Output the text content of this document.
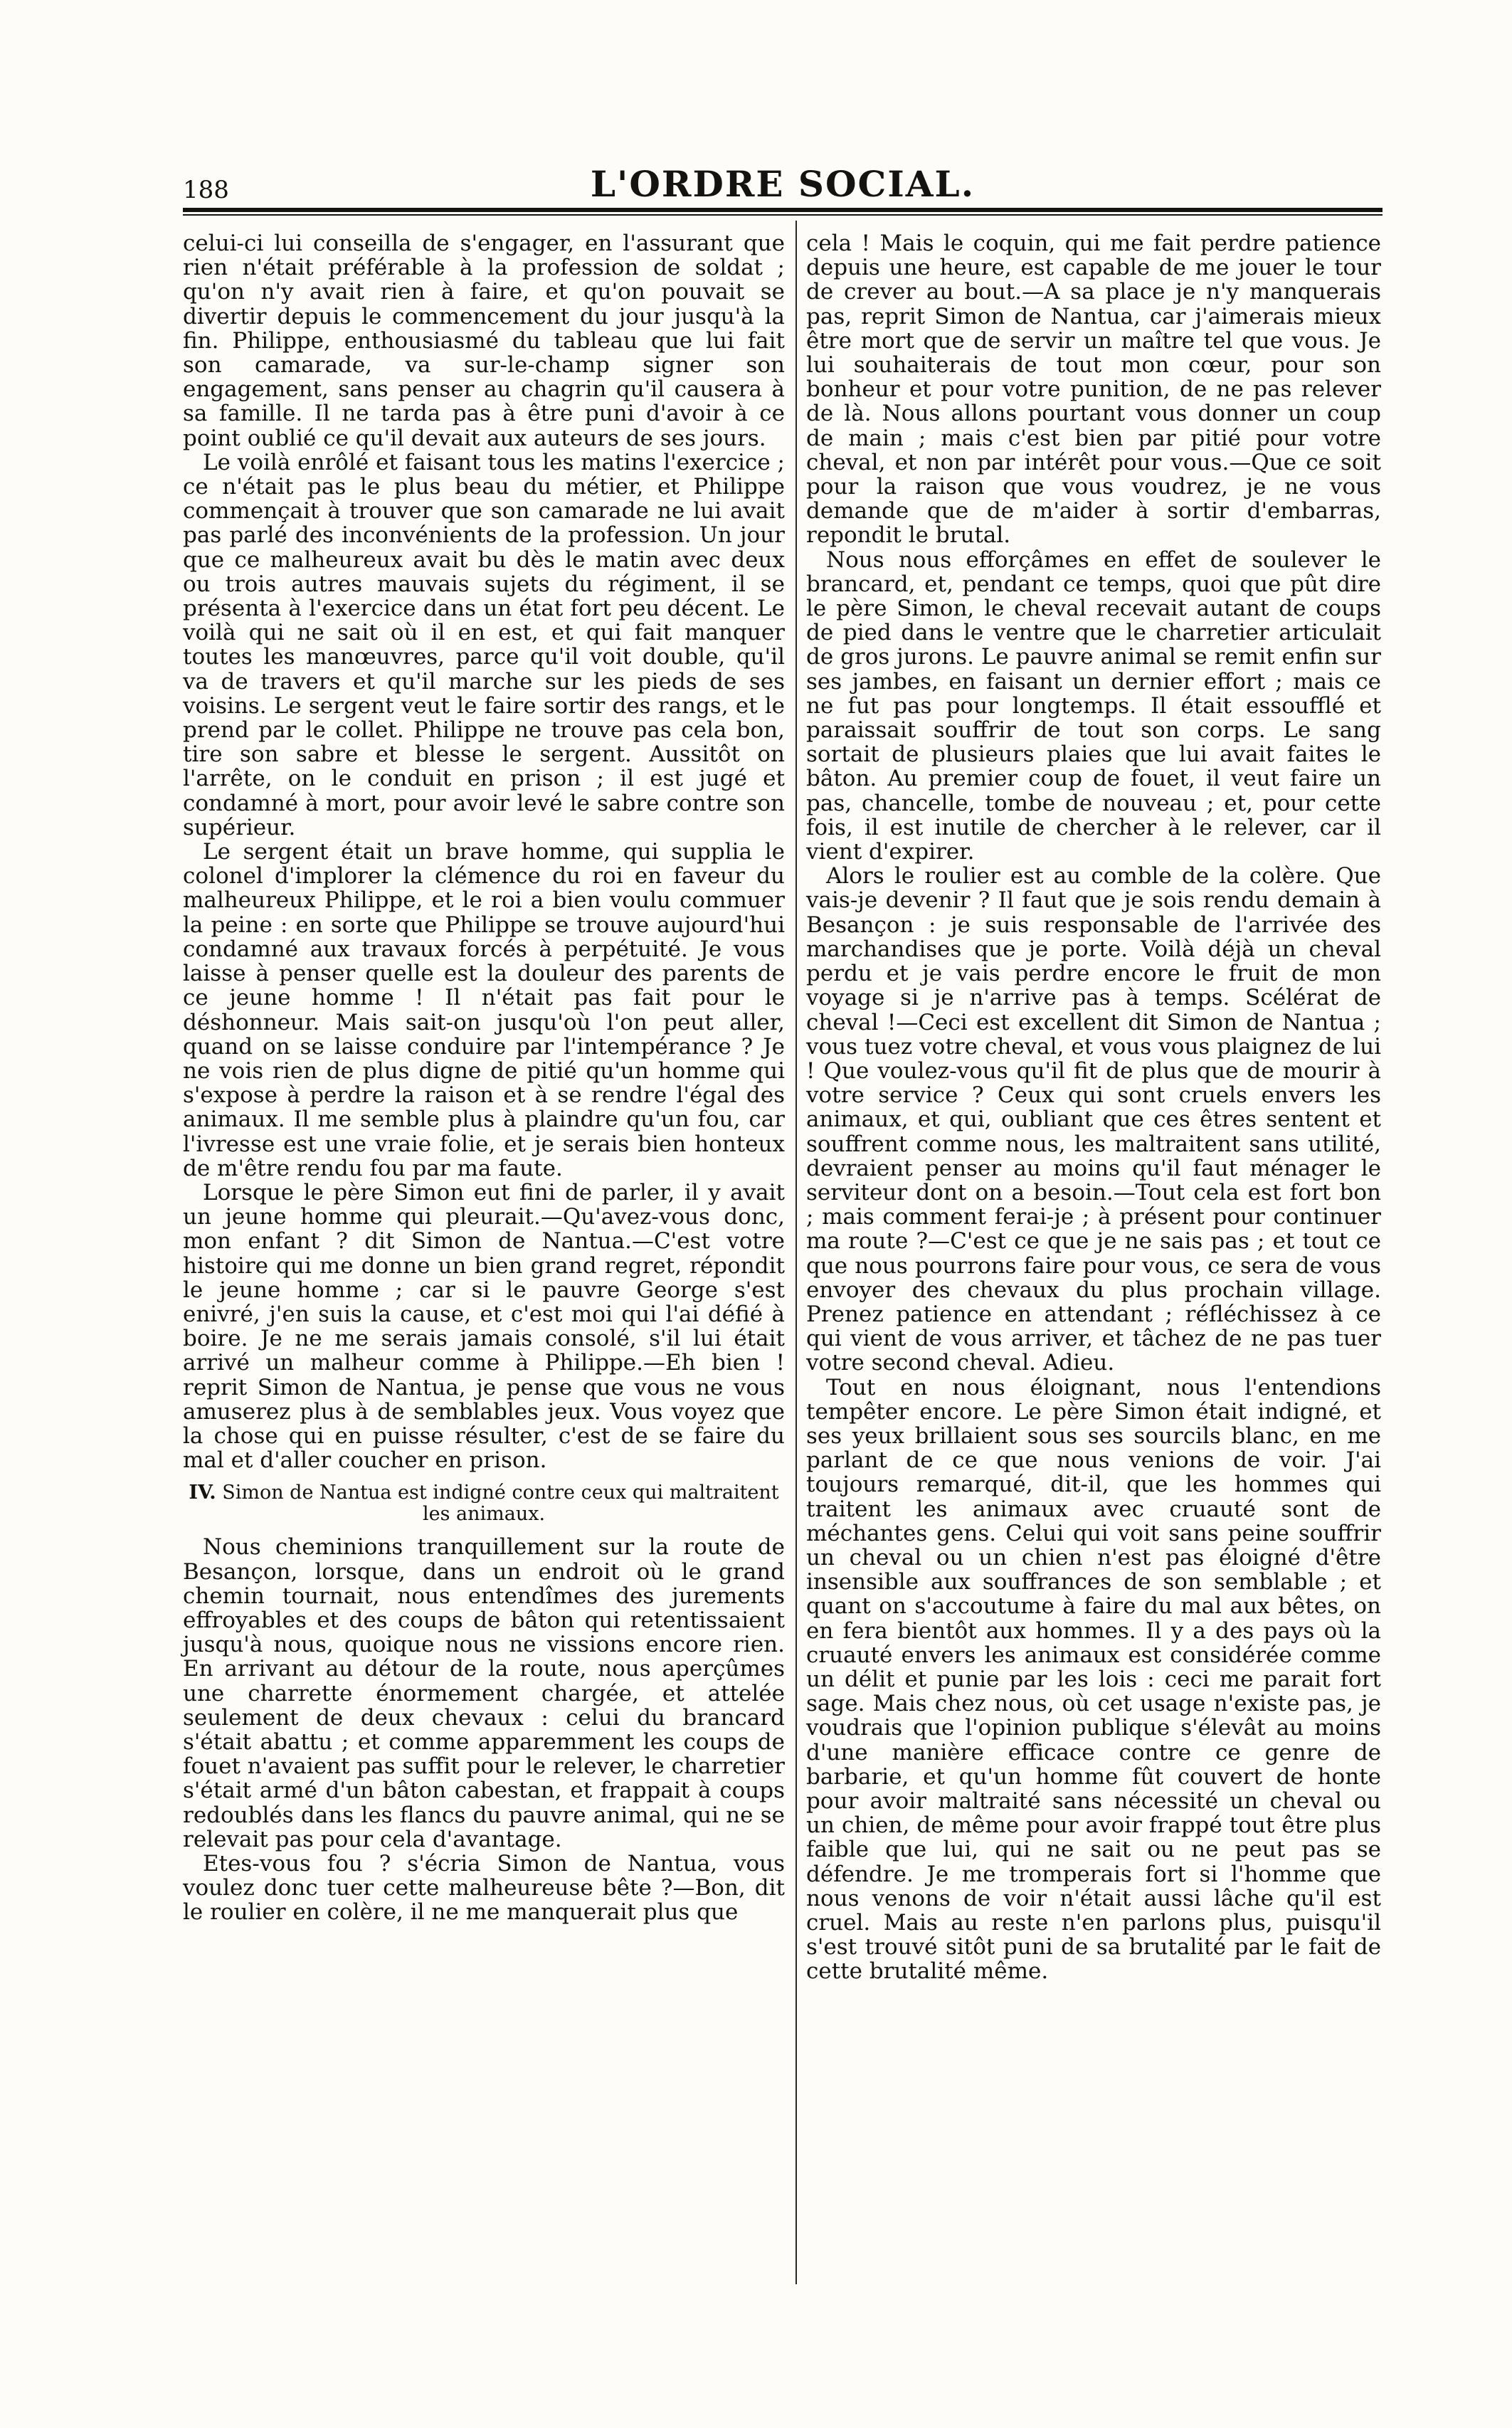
188	L'ORDRE SOCIAL.

celui-ci lui conseilla de s'engager, en l'assurant que rien n'était préférable à la profession de soldat ; qu'on n'y avait rien à faire, et qu'on pouvait se divertir depuis le commencement du jour jusqu'à la fin. Philippe, enthousiasmé du tableau que lui fait son camarade, va sur-le-champ signer son engagement, sans penser au chagrin qu'il causera à sa famille. Il ne tarda pas à être puni d'avoir à ce point oublié ce qu'il devait aux auteurs de ses jours.

Le voilà enrôlé et faisant tous les matins l'exercice ; ce n'était pas le plus beau du métier, et Philippe commençait à trouver que son camarade ne lui avait pas parlé des inconvénients de la profession. Un jour que ce malheureux avait bu dès le matin avec deux ou trois autres mauvais sujets du régiment, il se présenta à l'exercice dans un état fort peu décent. Le voilà qui ne sait où il en est, et qui fait manquer toutes les manœuvres, parce qu'il voit double, qu'il va de travers et qu'il marche sur les pieds de ses voisins. Le sergent veut le faire sortir des rangs, et le prend par le collet. Philippe ne trouve pas cela bon, tire son sabre et blesse le sergent. Aussitôt on l'arrête, on le conduit en prison ; il est jugé et condamné à mort, pour avoir levé le sabre contre son supérieur.

Le sergent était un brave homme, qui supplia le colonel d'implorer la clémence du roi en faveur du malheureux Philippe, et le roi a bien voulu commuer la peine : en sorte que Philippe se trouve aujourd'hui condamné aux travaux forcés à perpétuité. Je vous laisse à penser quelle est la douleur des parents de ce jeune homme ! Il n'était pas fait pour le déshonneur. Mais sait-on jusqu'où l'on peut aller, quand on se laisse conduire par l'intempérance ? Je ne vois rien de plus digne de pitié qu'un homme qui s'expose à perdre la raison et à se rendre l'égal des animaux. Il me semble plus à plaindre qu'un fou, car l'ivresse est une vraie folie, et je serais bien honteux de m'être rendu fou par ma faute.

Lorsque le père Simon eut fini de parler, il y avait un jeune homme qui pleurait.—Qu'avez-vous donc, mon enfant ? dit Simon de Nantua.—C'est votre histoire qui me donne un bien grand regret, répondit le jeune homme ; car si le pauvre George s'est enivré, j'en suis la cause, et c'est moi qui l'ai défié à boire. Je ne me serais jamais consolé, s'il lui était arrivé un malheur comme à Philippe.—Eh bien ! reprit Simon de Nantua, je pense que vous ne vous amuserez plus à de semblables jeux. Vous voyez que la chose qui en puisse résulter, c'est de se faire du mal et d'aller coucher en prison.

IV. Simon de Nantua est indigné contre ceux qui maltraitent les animaux.

Nous cheminions tranquillement sur la route de Besançon, lorsque, dans un endroit où le grand chemin tournait, nous entendîmes des jurements effroyables et des coups de bâton qui retentissaient jusqu'à nous, quoique nous ne vissions encore rien. En arrivant au détour de la route, nous aperçûmes une charrette énormement chargée, et attelée seulement de deux chevaux : celui du brancard s'était abattu ; et comme apparemment les coups de fouet n'avaient pas suffit pour le relever, le charretier s'était armé d'un bâton cabestan, et frappait à coups redoublés dans les flancs du pauvre animal, qui ne se relevait pas pour cela d'avantage.

Etes-vous fou ? s'écria Simon de Nantua, vous voulez donc tuer cette malheureuse bête ?—Bon, dit le roulier en colère, il ne me manquerait plus que

cela ! Mais le coquin, qui me fait perdre patience depuis une heure, est capable de me jouer le tour de crever au bout.—A sa place je n'y manquerais pas, reprit Simon de Nantua, car j'aimerais mieux être mort que de servir un maître tel que vous. Je lui souhaiterais de tout mon cœur, pour son bonheur et pour votre punition, de ne pas relever de là. Nous allons pourtant vous donner un coup de main ; mais c'est bien par pitié pour votre cheval, et non par intérêt pour vous.—Que ce soit pour la raison que vous voudrez, je ne vous demande que de m'aider à sortir d'embarras, repondit le brutal.

Nous nous efforçâmes en effet de soulever le brancard, et, pendant ce temps, quoi que pût dire le père Simon, le cheval recevait autant de coups de pied dans le ventre que le charretier articulait de gros jurons. Le pauvre animal se remit enfin sur ses jambes, en faisant un dernier effort ; mais ce ne fut pas pour longtemps. Il était essoufflé et paraissait souffrir de tout son corps. Le sang sortait de plusieurs plaies que lui avait faites le bâton. Au premier coup de fouet, il veut faire un pas, chancelle, tombe de nouveau ; et, pour cette fois, il est inutile de chercher à le relever, car il vient d'expirer.

Alors le roulier est au comble de la colère. Que vais-je devenir ? Il faut que je sois rendu demain à Besançon : je suis responsable de l'arrivée des marchandises que je porte. Voilà déjà un cheval perdu et je vais perdre encore le fruit de mon voyage si je n'arrive pas à temps. Scélérat de cheval !—Ceci est excellent dit Simon de Nantua ; vous tuez votre cheval, et vous vous plaignez de lui ! Que voulez-vous qu'il fit de plus que de mourir à votre service ? Ceux qui sont cruels envers les animaux, et qui, oubliant que ces êtres sentent et souffrent comme nous, les maltraitent sans utilité, devraient penser au moins qu'il faut ménager le serviteur dont on a besoin.—Tout cela est fort bon ; mais comment ferai-je ; à présent pour continuer ma route ?—C'est ce que je ne sais pas ; et tout ce que nous pourrons faire pour vous, ce sera de vous envoyer des chevaux du plus prochain village. Prenez patience en attendant ; réfléchissez à ce qui vient de vous arriver, et tâchez de ne pas tuer votre second cheval. Adieu.

Tout en nous éloignant, nous l'entendions tempêter encore. Le père Simon était indigné, et ses yeux brillaient sous ses sourcils blanc, en me parlant de ce que nous venions de voir. J'ai toujours remarqué, dit-il, que les hommes qui traitent les animaux avec cruauté sont de méchantes gens. Celui qui voit sans peine souffrir un cheval ou un chien n'est pas éloigné d'être insensible aux souffrances de son semblable ; et quant on s'accoutume à faire du mal aux bêtes, on en fera bientôt aux hommes. Il y a des pays où la cruauté envers les animaux est considérée comme un délit et punie par les lois : ceci me parait fort sage. Mais chez nous, où cet usage n'existe pas, je voudrais que l'opinion publique s'élevât au moins d'une manière efficace contre ce genre de barbarie, et qu'un homme fût couvert de honte pour avoir maltraité sans nécessité un cheval ou un chien, de même pour avoir frappé tout être plus faible que lui, qui ne sait ou ne peut pas se défendre. Je me tromperais fort si l'homme que nous venons de voir n'était aussi lâche qu'il est cruel. Mais au reste n'en parlons plus, puisqu'il s'est trouvé sitôt puni de sa brutalité par le fait de cette brutalité même.
